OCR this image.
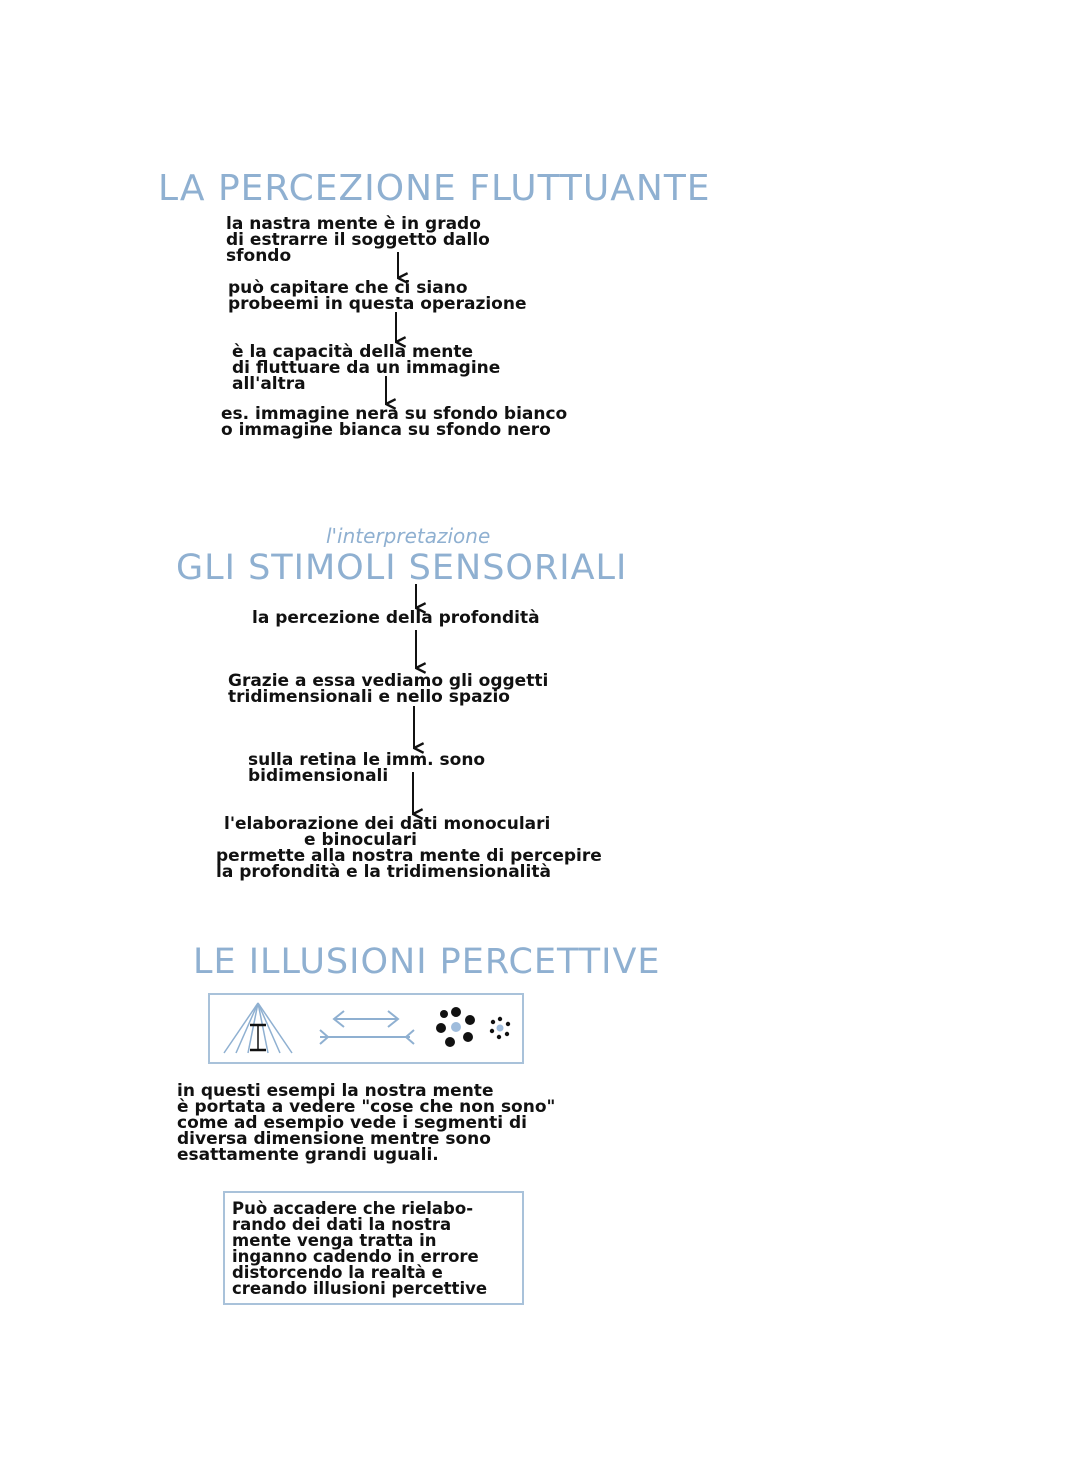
LA PERCEZIONE FLUTTUANTE
la nastra mente è in grado
di estrarre il soggetto dallo
sfondo
può capitare che ci siano
probeemi in questa operazione
è la capacità della mente
di fluttuare da un immagine
all'altra
es. immagine nera su sfondo bianco
o immagine bianca su sfondo nero
l'interpretazione
GLI STIMOLI SENSORIALI
la percezione della profondità
Grazie a essa vediamo gli oggetti
tridimensionali e nello spazio
sulla retina le imm. sono
bidimensionali
l'elaborazione dei dati monoculari
e binoculari
permette alla nostra mente di percepire
la profondità e la tridimensionalità
LE ILLUSIONI PERCETTIVE
in questi esempi la nostra mente
è portata a vedere "cose che non sono"
come ad esempio vede i segmenti di
diversa dimensione mentre sono
esattamente grandi uguali.
Può accadere che rielabo-
rando dei dati la nostra
mente venga tratta in
inganno cadendo in errore
distorcendo la realtà e
creando illusioni percettive
